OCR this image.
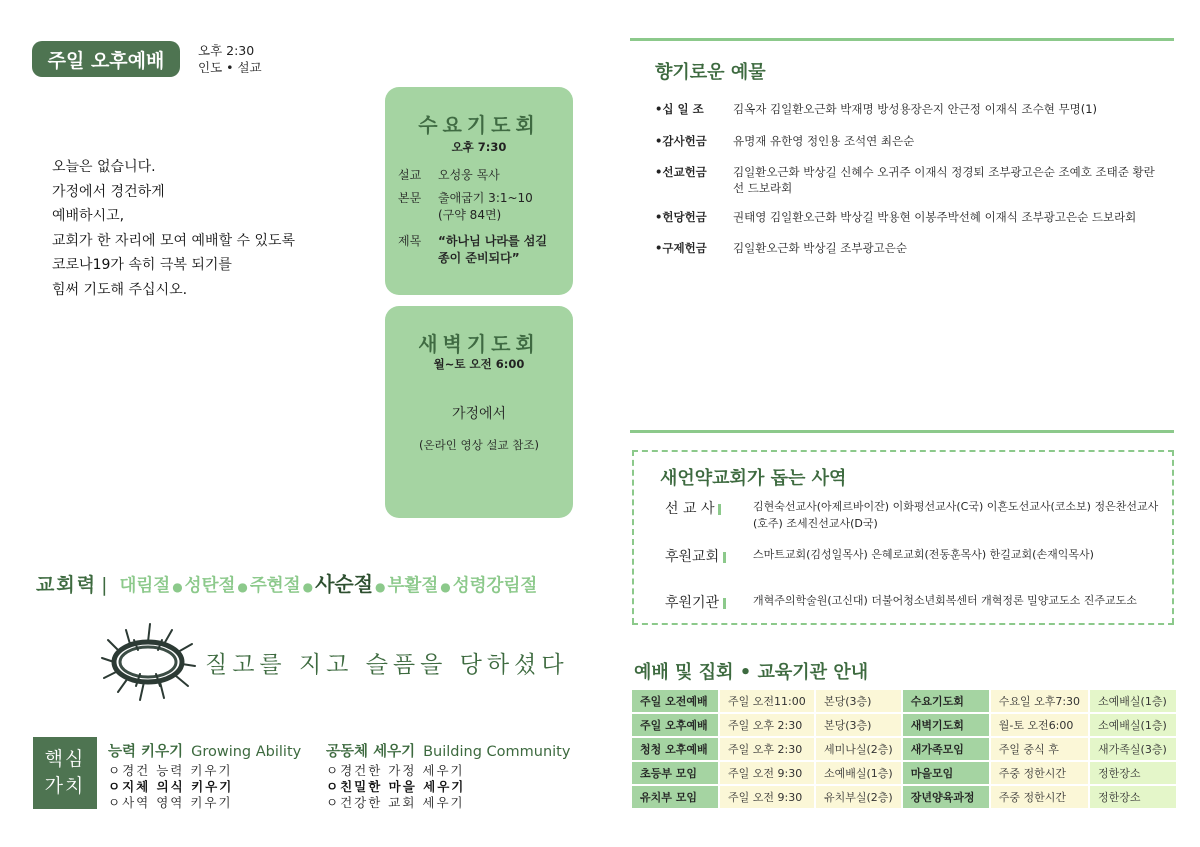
주일 오후예배	오후 2:30
인도 • 설교
오늘은 없습니다.
가정에서 경건하게
예배하시고,
교회가 한 자리에 모여 예배할 수 있도록
코로나19가 속히 극복 되기를
힘써 기도해 주십시오.
수요기도회
오후 7:30
설교	오성웅 목사
본문	출애굽기 3:1~10
(구약 84면)
제목	“하나님 나라를 섬길
종이 준비되다”
새벽기도회
월~토 오전 6:00
가정에서
(온라인 영상 설교 참조)
교회력 | 대림절 ● 성탄절 ● 주현절 ● 사순절 ● 부활절 ● 성령강림절
질고를 지고 슬픔을 당하셨다
핵심
가치
능력 키우기 Growing Ability
ㅇ경건 능력 키우기
ㅇ지체 의식 키우기
ㅇ사역 영역 키우기
공동체 세우기 Building Community
ㅇ경건한 가정 세우기
ㅇ친밀한 마을 세우기
ㅇ건강한 교회 세우기
향기로운 예물
•십 일 조	김옥자 김일환오근화 박재명 방성용장은지 안근정 이재식 조수현 무명(1)
•감사헌금	유명재 유한영 정인용 조석연 최은순
•선교헌금	김일환오근화 박상길 신혜수 오귀주 이재식 정경퇴 조부광고은순 조예호 조태준 황란선 드보라회
•헌당헌금	권태영 김일환오근화 박상길 박용현 이봉주박선혜 이재식 조부광고은순 드보라회
•구제헌금	김일환오근화 박상길 조부광고은순
새언약교회가 돕는 사역
선 교 사	김현숙선교사(아제르바이잔) 이화평선교사(C국) 이흔도선교사(코소보) 정은찬선교사(호주) 조세진선교사(D국)
후원교회	스마트교회(김성일목사) 은혜로교회(전동훈목사) 한길교회(손재익목사)
후원기관	개혁주의학술원(고신대) 더불어청소년회복센터 개혁정론 밀양교도소 진주교도소
예배 및 집회 • 교육기관 안내
주일 오전예배	주일 오전11:00	본당(3층)	수요기도회	수요일 오후7:30	소예배실(1층)
주일 오후예배	주일 오후 2:30	본당(3층)	새벽기도회	월-토 오전6:00	소예배실(1층)
청청 오후예배	주일 오후 2:30	세미나실(2층)	새가족모임	주일 중식 후	새가족실(3층)
초등부 모임	주일 오전 9:30	소예배실(1층)	마을모임	주중 정한시간	정한장소
유치부 모임	주일 오전 9:30	유치부실(2층)	장년양육과정	주중 정한시간	정한장소
